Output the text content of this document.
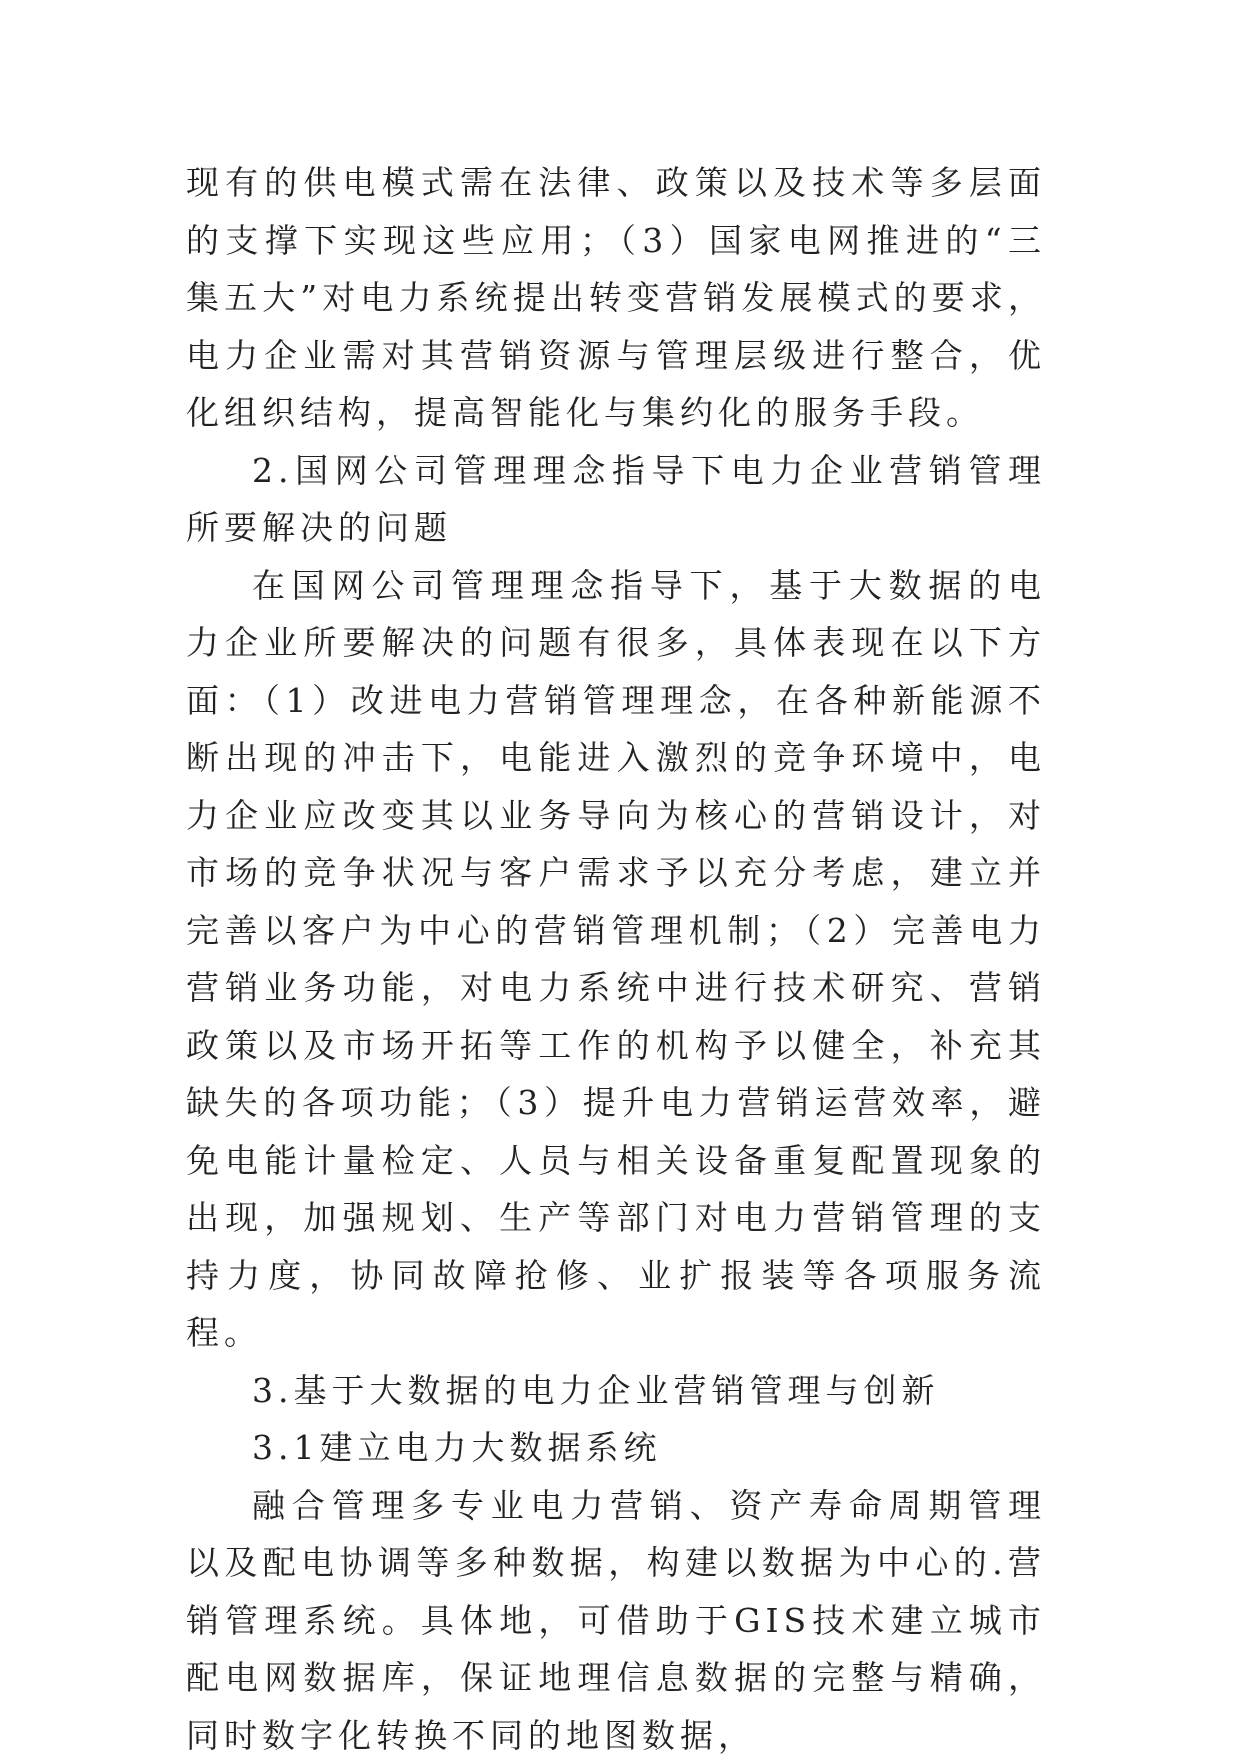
现有的供电模式需在法律、政策以及技术等多层面的支撑下实现这些应用；（3）国家电网推进的“三集五大”对电力系统提出转变营销发展模式的要求，电力企业需对其营销资源与管理层级进行整合，优化组织结构，提高智能化与集约化的服务手段。

2.国网公司管理理念指导下电力企业营销管理所要解决的问题

在国网公司管理理念指导下，基于大数据的电力企业所要解决的问题有很多，具体表现在以下方面：（1）改进电力营销管理理念，在各种新能源不断出现的冲击下，电能进入激烈的竞争环境中，电力企业应改变其以业务导向为核心的营销设计，对市场的竞争状况与客户需求予以充分考虑，建立并完善以客户为中心的营销管理机制；（2）完善电力营销业务功能，对电力系统中进行技术研究、营销政策以及市场开拓等工作的机构予以健全，补充其缺失的各项功能；（3）提升电力营销运营效率，避免电能计量检定、人员与相关设备重复配置现象的出现，加强规划、生产等部门对电力营销管理的支持力度，协同故障抢修、业扩报装等各项服务流程。

3.基于大数据的电力企业营销管理与创新

3.1建立电力大数据系统

融合管理多专业电力营销、资产寿命周期管理以及配电协调等多种数据，构建以数据为中心的.营销管理系统。具体地，可借助于GIS技术建立城市配电网数据库，保证地理信息数据的完整与精确，同时数字化转换不同的地图数据，
